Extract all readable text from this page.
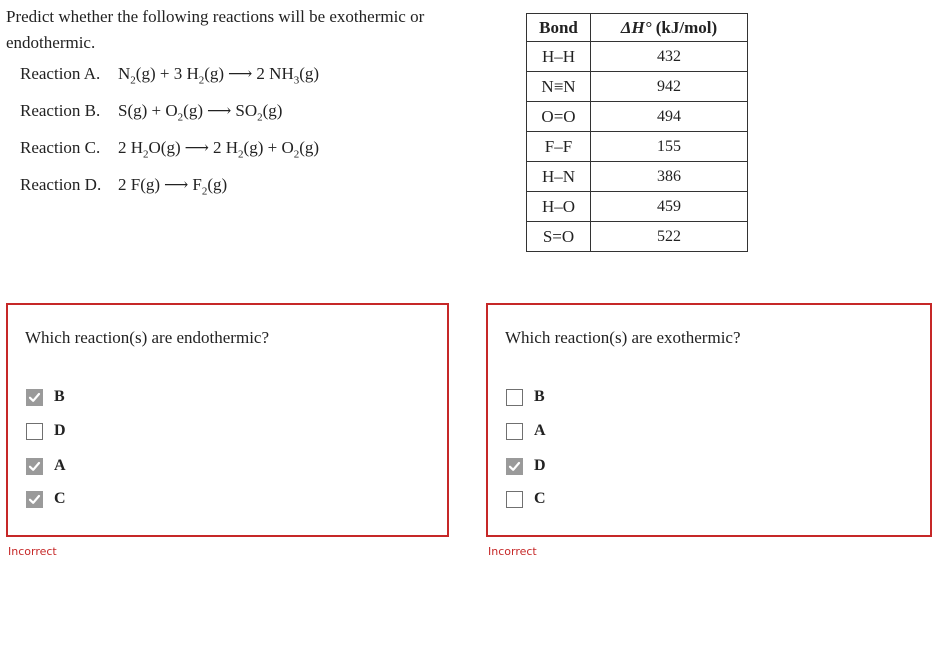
Predict whether the following reactions will be exothermic or endothermic.
Reaction A.	$N_2(g) + 3$ $H_2(g)$ ⟶ 2 $NH_3(g)$
Reaction B.	$S(g) + O_2(g)$ ⟶ $SO_2(g)$
Reaction C.	2 $H_2O(g)$ ⟶ 2 $H_2(g) + O_2(g)$
Reaction D. 2 F(g) ⟶ $F_2(g)$
Bond	ΔH° (kJ/mol)
H–H	432
N≡N	942
O=O	494
F–F	155
H–N	386
H–O	459
S=O	522
Which reaction(s) are endothermic?
B
D
A
C
Incorrect
Which reaction(s) are exothermic?
B
A
D
C
Incorrect
